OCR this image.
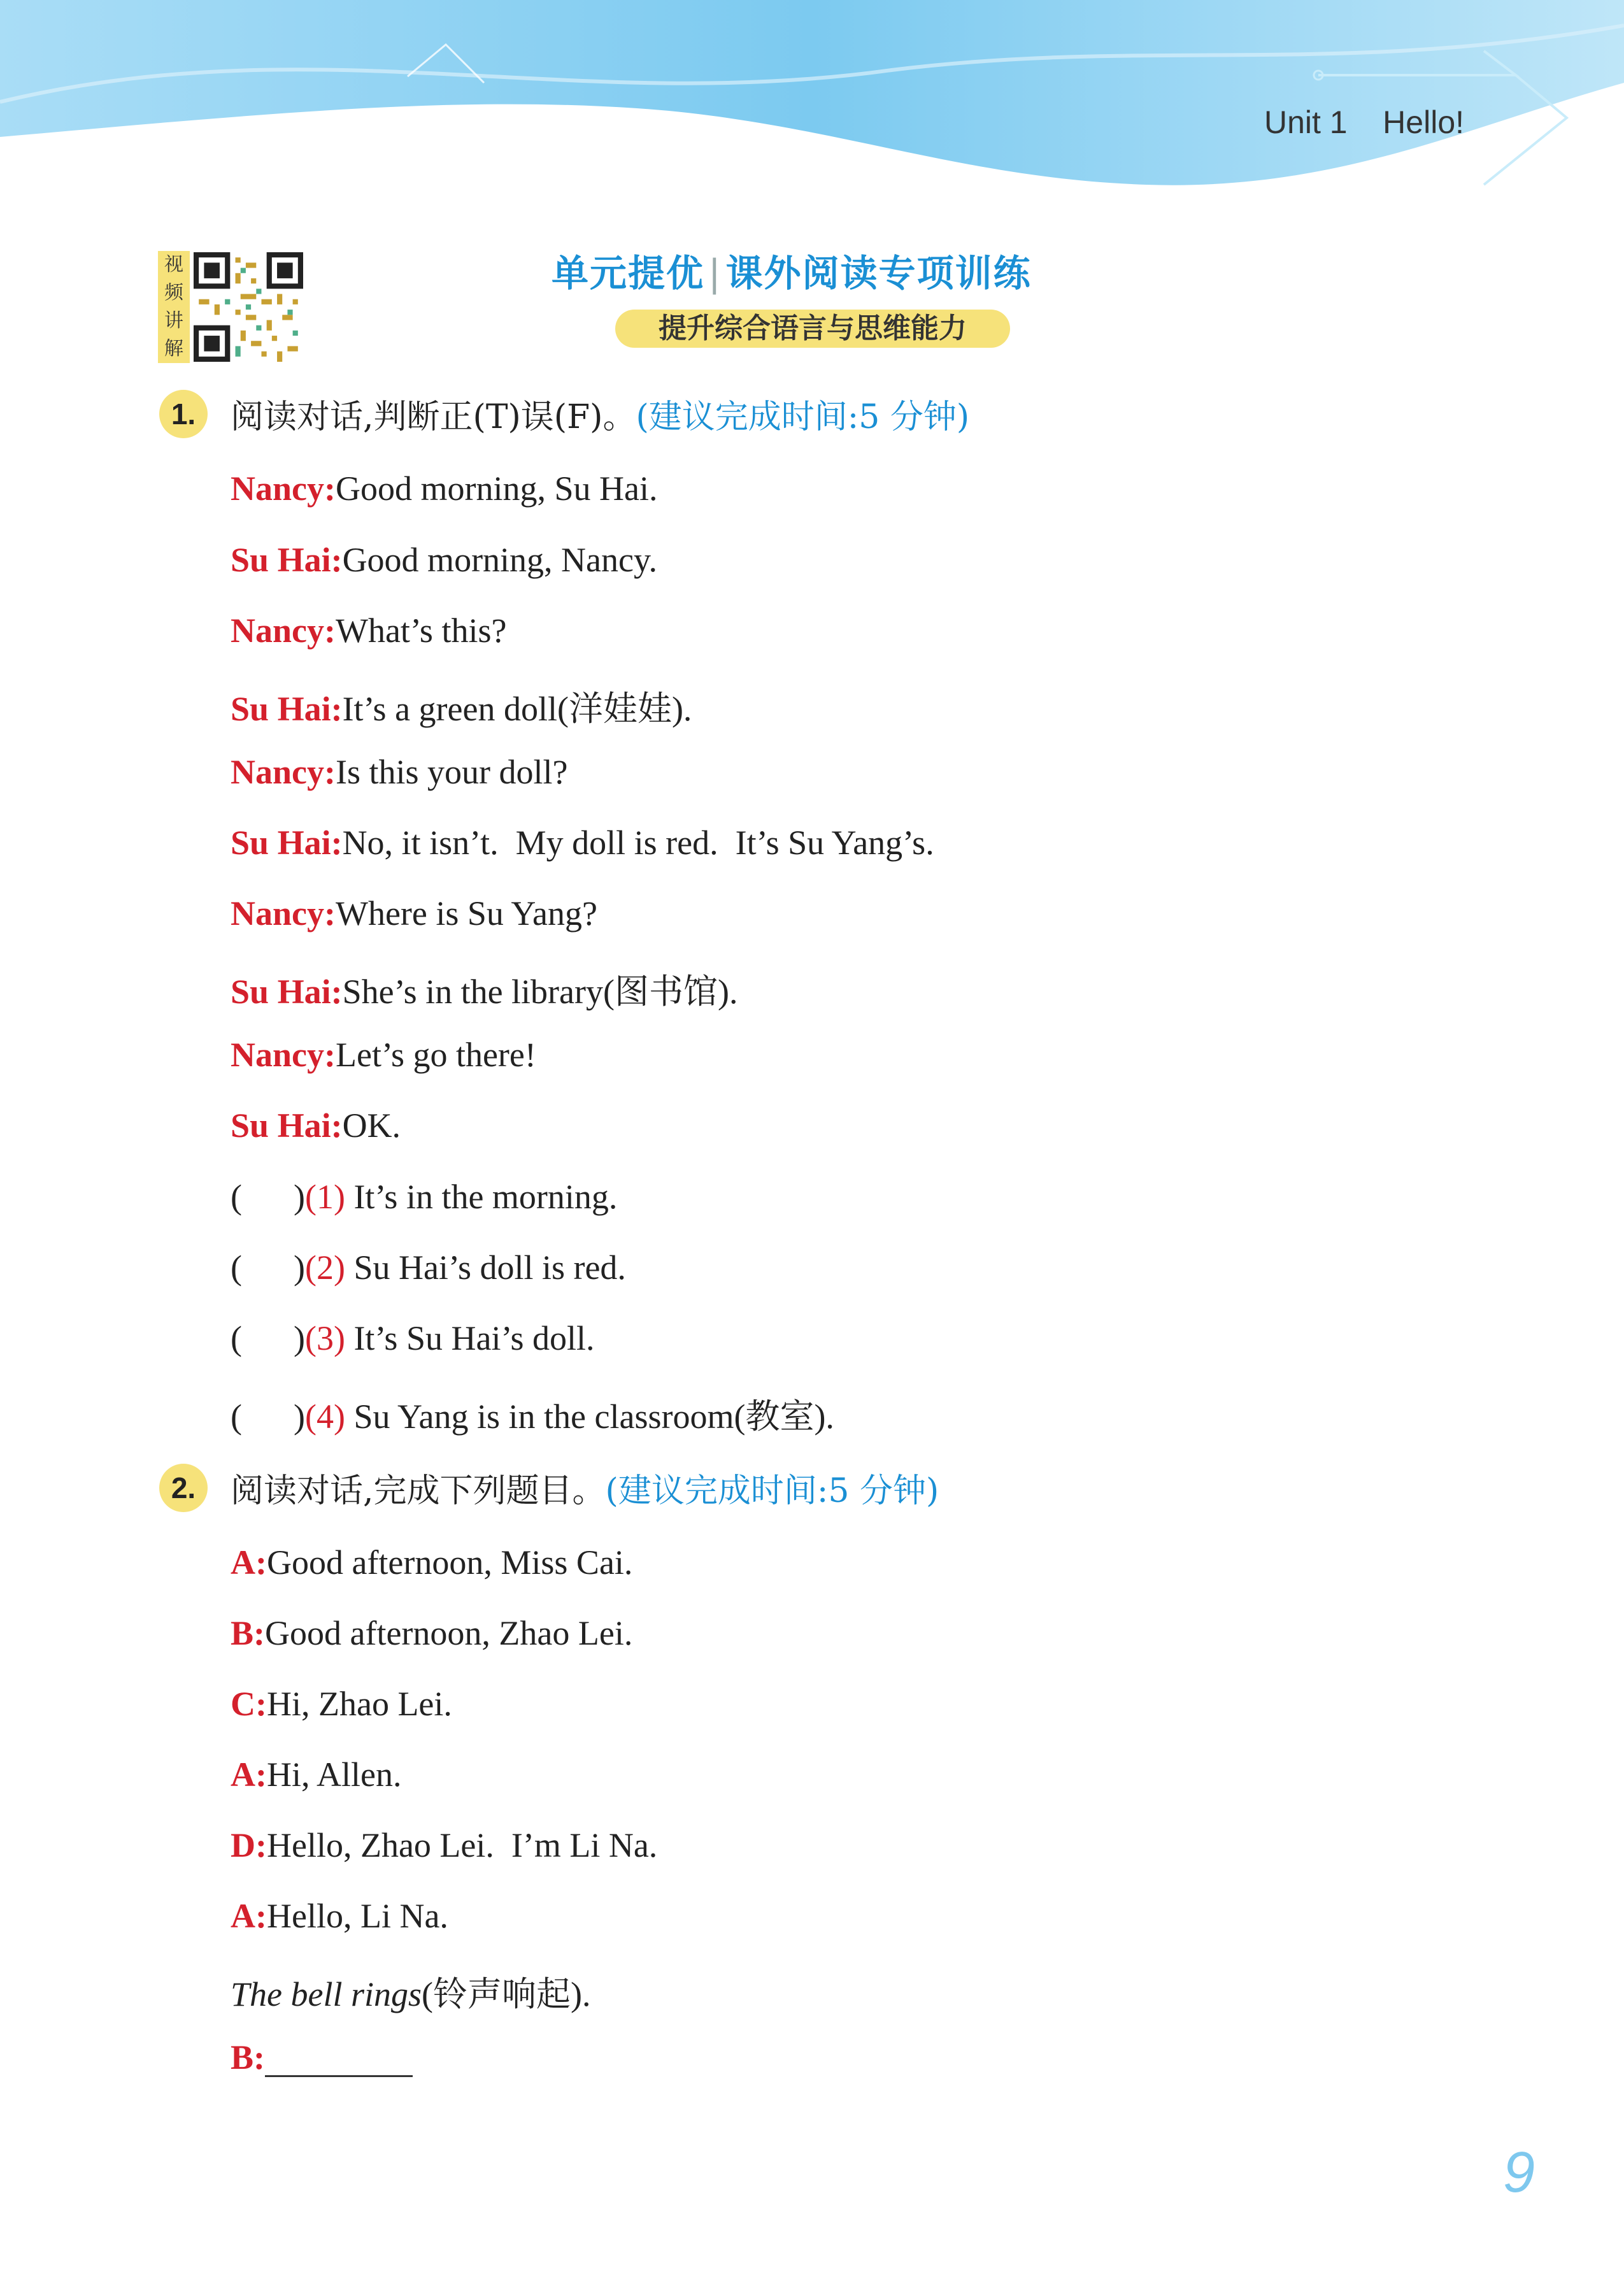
Unit 1    Hello!
视
频
讲
解
单元提优 | 课外阅读专项训练
提升综合语言与思维能力
1.	阅读对话,判断正(T)误(F)。(建议完成时间:5 分钟)
Nancy:Good morning, Su Hai.
Su Hai:Good morning, Nancy.
Nancy:What’s this?
Su Hai:It’s a green doll(洋娃娃).
Nancy:Is this your doll?
Su Hai:No, it isn’t.  My doll is red.  It’s Su Yang’s.
Nancy:Where is Su Yang?
Su Hai:She’s in the library(图书馆).
Nancy:Let’s go there!
Su Hai:OK.
(      )(1) It’s in the morning.
(      )(2) Su Hai’s doll is red.
(      )(3) It’s Su Hai’s doll.
(      )(4) Su Yang is in the classroom(教室).
2.	阅读对话,完成下列题目。(建议完成时间:5 分钟)
A:Good afternoon, Miss Cai.
B:Good afternoon, Zhao Lei.
C:Hi, Zhao Lei.
A:Hi, Allen.
D:Hello, Zhao Lei.  I’m Li Na.
A:Hello, Li Na.
The bell rings(铃声响起).
B:
9
